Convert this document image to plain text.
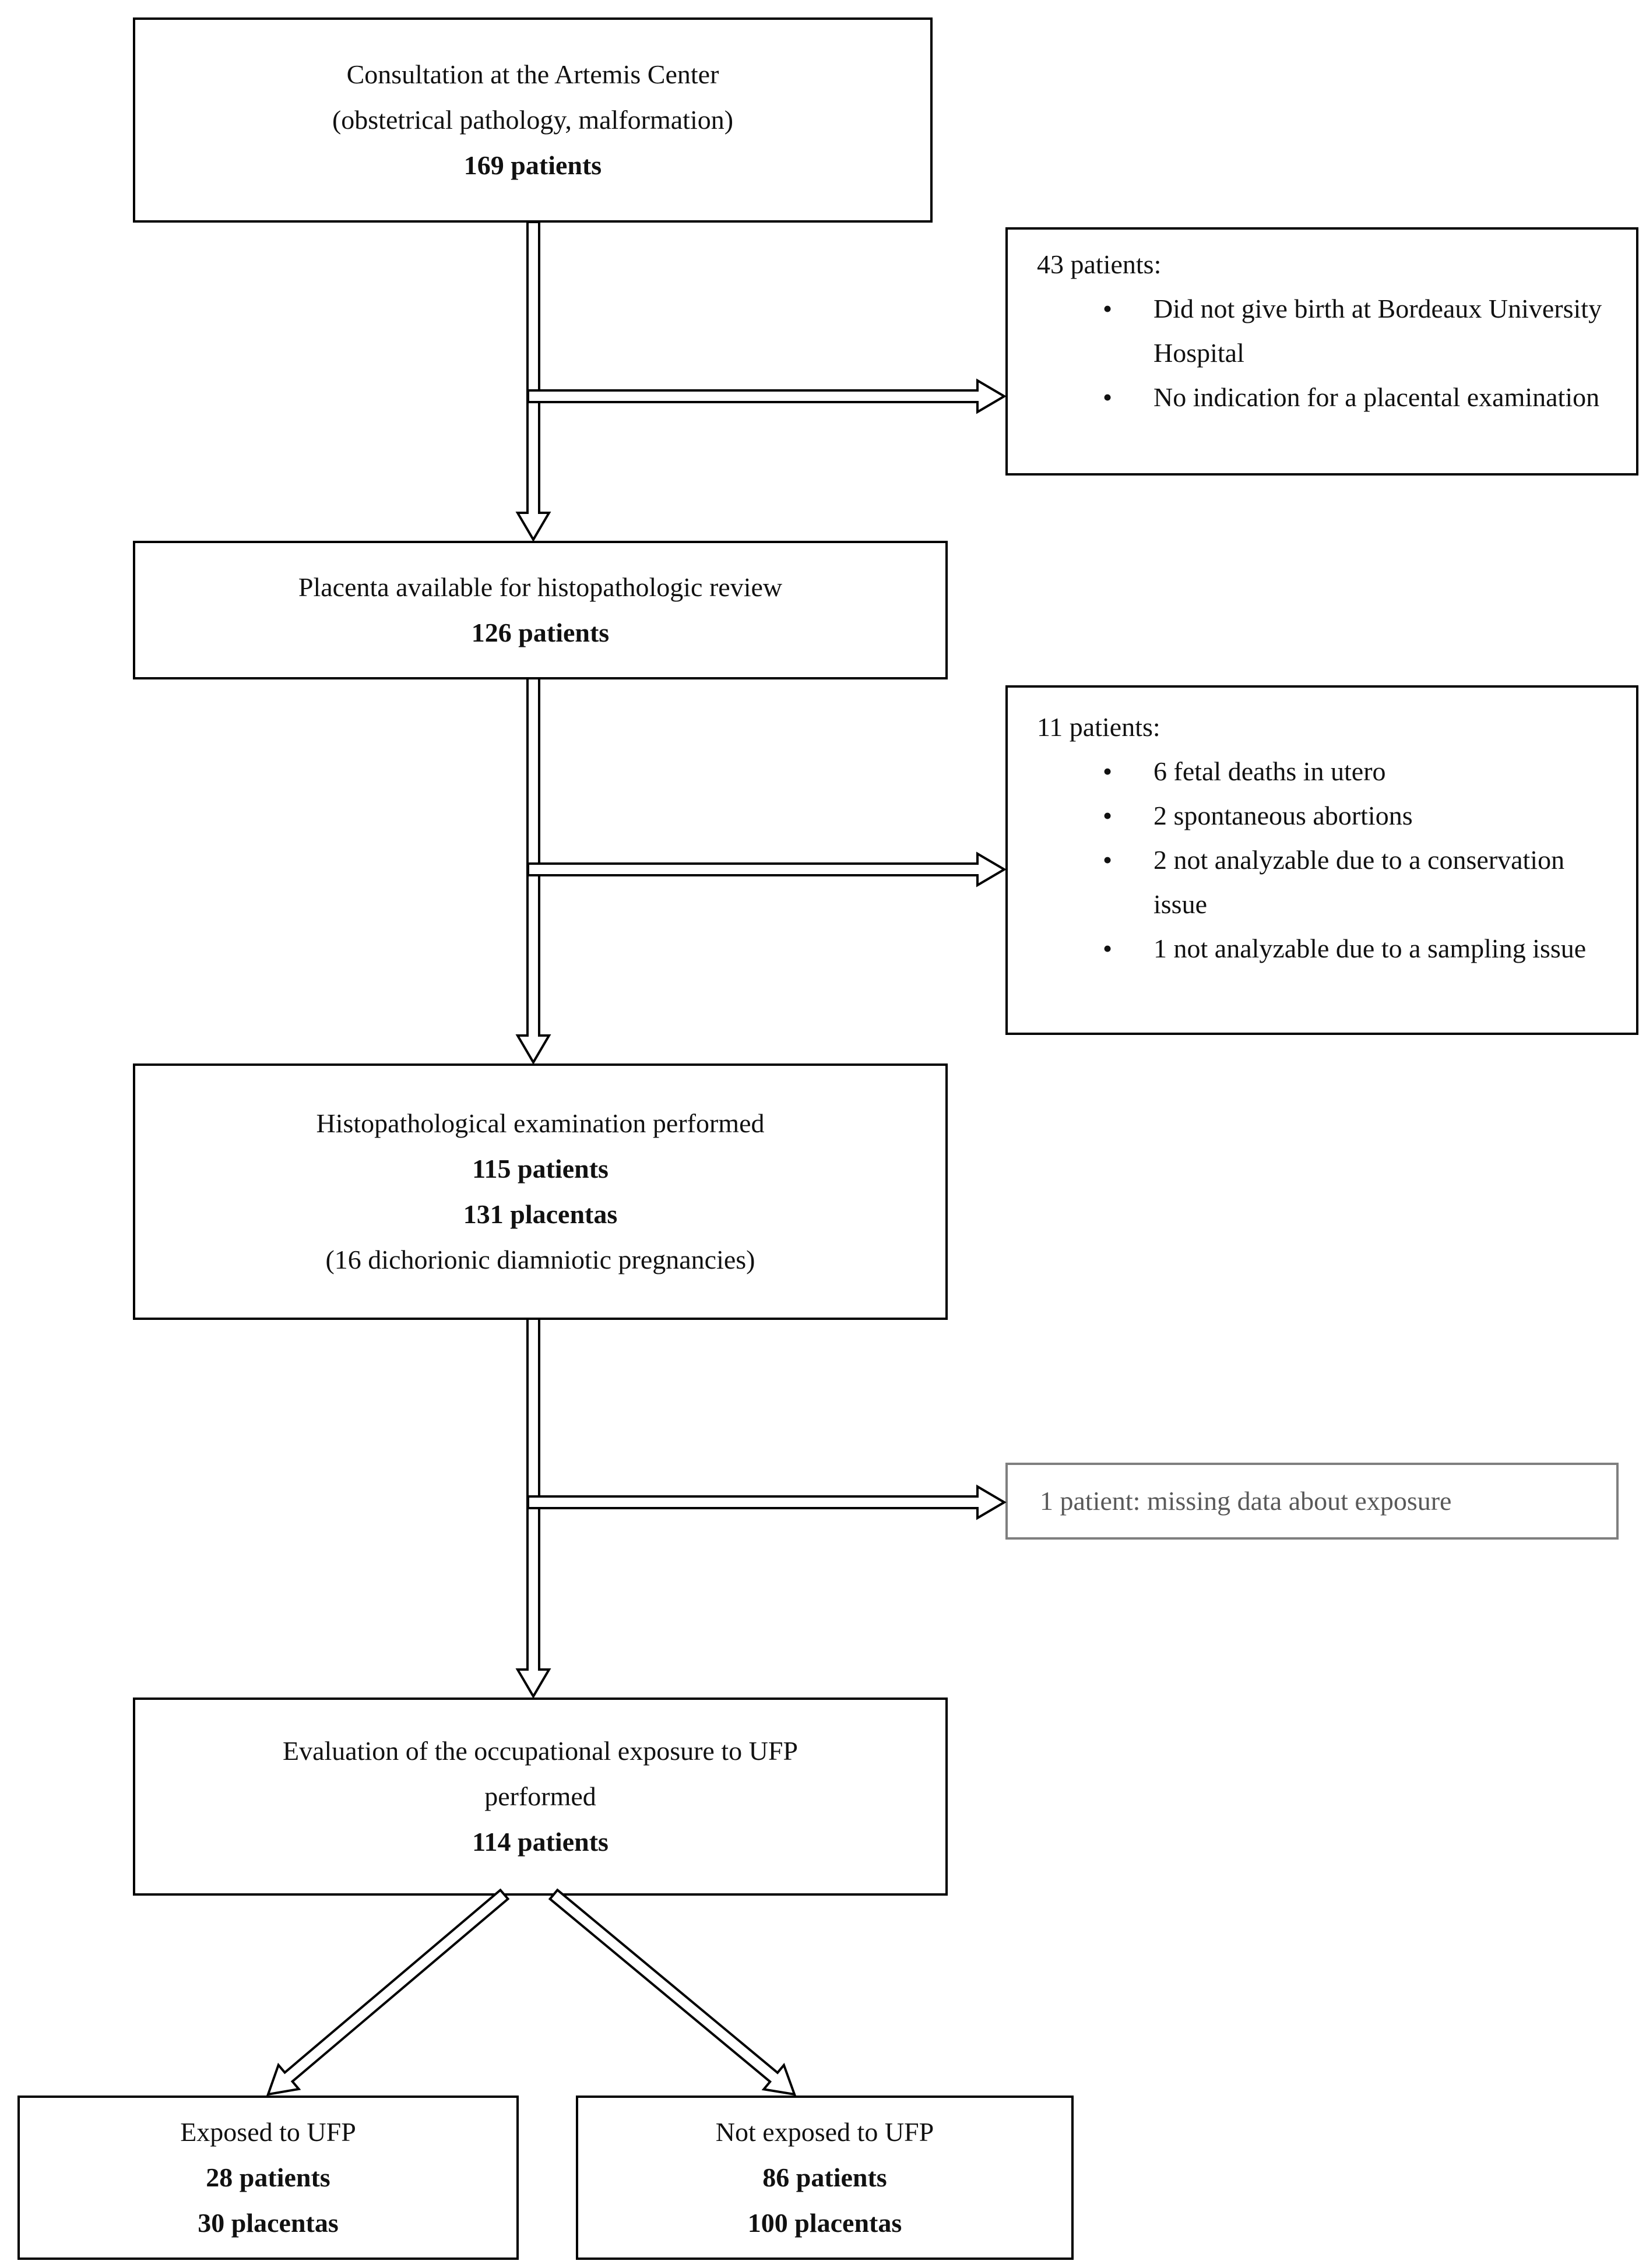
Consultation at the Artemis Center
(obstetrical pathology, malformation)
169 patients
Placenta available for histopathologic review
126 patients
Histopathological examination performed
115 patients
131 placentas
(16 dichorionic diamniotic pregnancies)
Evaluation of the occupational exposure to UFP
performed
114 patients
Exposed to UFP
28 patients
30 placentas
Not exposed to UFP
86 patients
100 placentas
43 patients:
•	Did not give birth at Bordeaux University Hospital
•	No indication for a placental examination
11 patients:
•	6 fetal deaths in utero
•	2 spontaneous abortions
•	2 not analyzable due to a conservation issue
•	1 not analyzable due to a sampling issue
1 patient: missing data about exposure
